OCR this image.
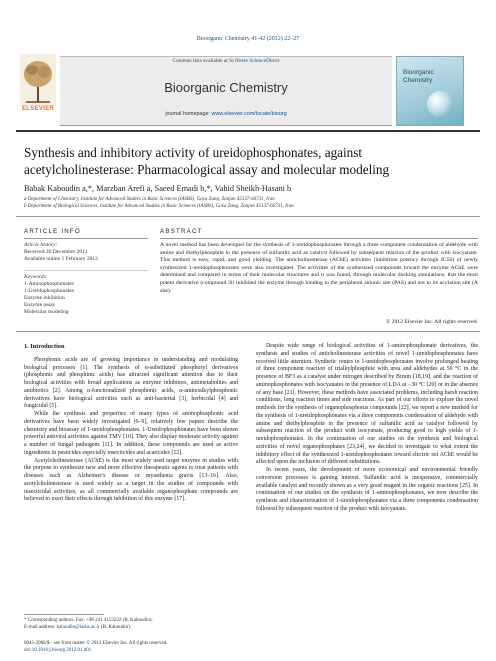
Bioorganic Chemistry 41-42 (2012) 22–27
ELSEVIER
Contents lists available at SciVerse ScienceDirect
Bioorganic Chemistry
journal homepage: www.elsevier.com/locate/bioorg
Bioorganic
Chemistry
Synthesis and inhibitory activity of ureidophosphonates, against
acetylcholinesterase: Pharmacological assay and molecular modeling
Babak Kaboudin a,*, Marzban Arefi a, Saeed Emadi b,*, Vahid Sheikh-Hasani b
a Department of Chemistry, Institute for Advanced Studies in Basic Sciences (IASBS), Gava Zang, Zanjan 45137-66731, Iran
b Department of Biological Sciences, Institute for Advanced Studies in Basic Sciences (IASBS), Gava Zang, Zanjan 45137-66731, Iran
ARTICLE INFO
Article history:
Received 26 December 2011
Available online 1 February 2012
Keywords:
1-Aminophosphonates
1-Ureidophosphonates
Enzyme inhibition
Enzyme assay
Molecular modeling
ABSTRACT
A novel method has been developed for the synthesis of 1-ureidophosphonates through a three component condensation of aldehyde with amine and diethylphosphite in the presence of sulfanilic acid as catalyst followed by subsequent reaction of the product with isocyanate. This method is easy, rapid, and good yielding. The anticholinesterase (AChE) activities (inhibition potency through IC50) of newly synthesized 1-ureidophosphonates were also investigated. The activities of the synthesized compounds toward the enzyme AChE were determined and compared in terms of their molecular structures and it was found, through molecular docking simulations, that the most potent derivative (compound 3i) inhibited the enzyme through binding to the peripheral anionic site (PAS) and not to its acylation site (A site).
© 2012 Elsevier Inc. All rights reserved.
1. Introduction

Phosphonic acids are of growing importance in understanding and modulating biological processes [1]. The synthesis of α-substituted phosphoryl derivatives (phosphonic and phosphinic acids) has attracted significant attention due to their biological activities with broad applications as enzyme inhibitors, antimetabolites and antibiotics [2]. Among α-functionalized phosphonic acids, α-aminoalkylphosphonic derivatives have biological activities such as anti-bacterial [3], herbicidal [4] and fungicidal [5].

While the synthesis and properties of many types of aminophosphonic acid derivatives have been widely investigated [6–9], relatively few papers describe the chemistry and bioassay of 1-ureidophosphonates. 1-Ureidophosphonates have been shown powerful antiviral activities against TMV [10]. They also display moderate activity against a number of fungal pathogens [11]. In addition, these compounds are used as active ingredients in pesticides especially insecticides and acaricides [12].

Acetylcholinesterase (AChE) is the most widely used target enzyme in studies with the purpose to synthesize new and more effective therapeutic agents to treat patients with diseases such as Alzheimer's disease or myasthenia gravis [13–16]. Also, acetylcholinesterase is used widely as a target in the studies of compounds with insecticidal activities, as all commercially available organophosphate compounds are believed to exert their effects through inhibition of this enzyme [17].

Despite wide range of biological activities of 1-aminophosphonate derivatives, the synthesis and studies of anticholinesterase activities of novel 1-ureidophosphonates have received little attention. Synthetic routes to 1-ureidophosphonates involve prolonged heating of three component reaction of trialkylphosphite with urea and aldehydes at 50 °C in the presence of BF3 as a catalyst under nitrogen described by Birum [18,19], and the reaction of aminophosphonates with isocyanates in the presence of LDA at −30 °C [20] or in the absence of any base [21]. However, these methods have associated problems, including harsh reaction conditions, long reaction times and side reactions. As part of our efforts to explore the novel methods for the synthesis of organophosphorus compounds [22], we report a new method for the synthesis of 1-ureidophosphonates via a three components condensation of aldehyde with amine and diethylphosphite in the presence of sulfanilic acid as catalyst followed by subsequent reaction of the product with isocyanate, producing good to high yields of 1-ureidophosphonates. In the continuation of our studies on the synthesis and biological activities of novel organophosphates [23,24], we decided to investigate to what extent the inhibitory effect of the synthesized 1-ureidophosphonates toward electric eel AChE would be affected upon the inclusion of different substitutions.

In recent years, the development of more economical and environmental friendly conversion processes is gaining interest. Sulfanilic acid is inexpensive, commercially available catalyst and recently shown as a very good reagent in the organic reactions [25]. In continuation of our studies on the synthesis of 1-aminophosphonates, we now describe the synthesis and characterization of 1-ureidophosphonates via a three components condensation followed by subsequent reaction of the product with isocyanate.

* Corresponding authors. Fax: +98 241 4153232 (B. Kaboudin).
E-mail address: kaboudin@iasbs.ac.ir (B. Kaboudin).
0045-2068/$ - see front matter © 2012 Elsevier Inc. All rights reserved.
doi:10.1016/j.bioorg.2012.01.001
